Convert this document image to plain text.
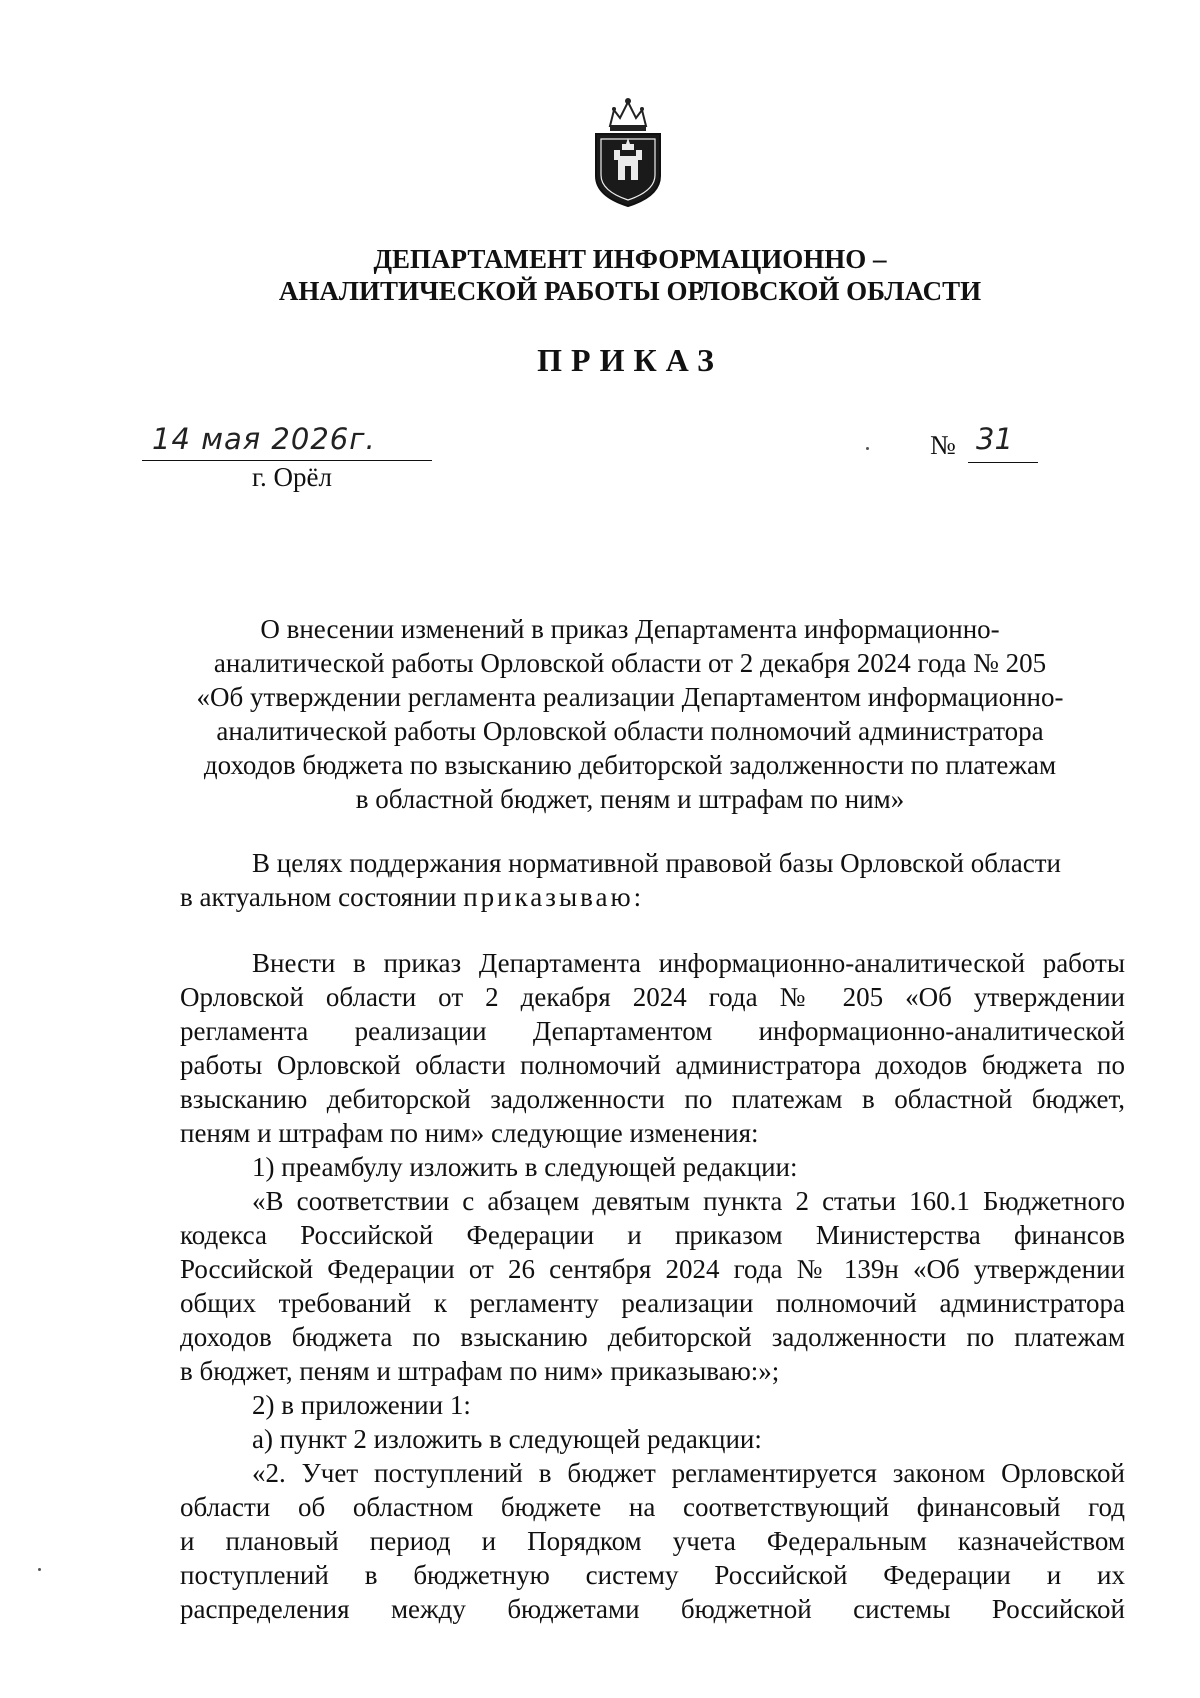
ДЕПАРТАМЕНТ ИНФОРМАЦИОННО –
АНАЛИТИЧЕСКОЙ РАБОТЫ ОРЛОВСКОЙ ОБЛАСТИ
ПРИКАЗ
14 мая 2026г.	№ 31
г. Орёл
О внесении изменений в приказ Департамента информационно-
аналитической работы Орловской области от 2 декабря 2024 года № 205
«Об утверждении регламента реализации Департаментом информационно-
аналитической работы Орловской области полномочий администратора
доходов бюджета по взысканию дебиторской задолженности по платежам
в областной бюджет, пеням и штрафам по ним»
В целях поддержания нормативной правовой базы Орловской области
в актуальном состоянии приказываю:
Внести в приказ Департамента информационно-аналитической работы
Орловской области от 2 декабря 2024 года № 205 «Об утверждении
регламента реализации Департаментом информационно-аналитической
работы Орловской области полномочий администратора доходов бюджета по
взысканию дебиторской задолженности по платежам в областной бюджет,
пеням и штрафам по ним» следующие изменения:
1) преамбулу изложить в следующей редакции:
«В соответствии с абзацем девятым пункта 2 статьи 160.1 Бюджетного
кодекса Российской Федерации и приказом Министерства финансов
Российской Федерации от 26 сентября 2024 года № 139н «Об утверждении
общих требований к регламенту реализации полномочий администратора
доходов бюджета по взысканию дебиторской задолженности по платежам
в бюджет, пеням и штрафам по ним» приказываю:»;
2) в приложении 1:
а) пункт 2 изложить в следующей редакции:
«2. Учет поступлений в бюджет регламентируется законом Орловской
области об областном бюджете на соответствующий финансовый год
и плановый период и Порядком учета Федеральным казначейством
поступлений в бюджетную систему Российской Федерации и их
распределения между бюджетами бюджетной системы Российской
